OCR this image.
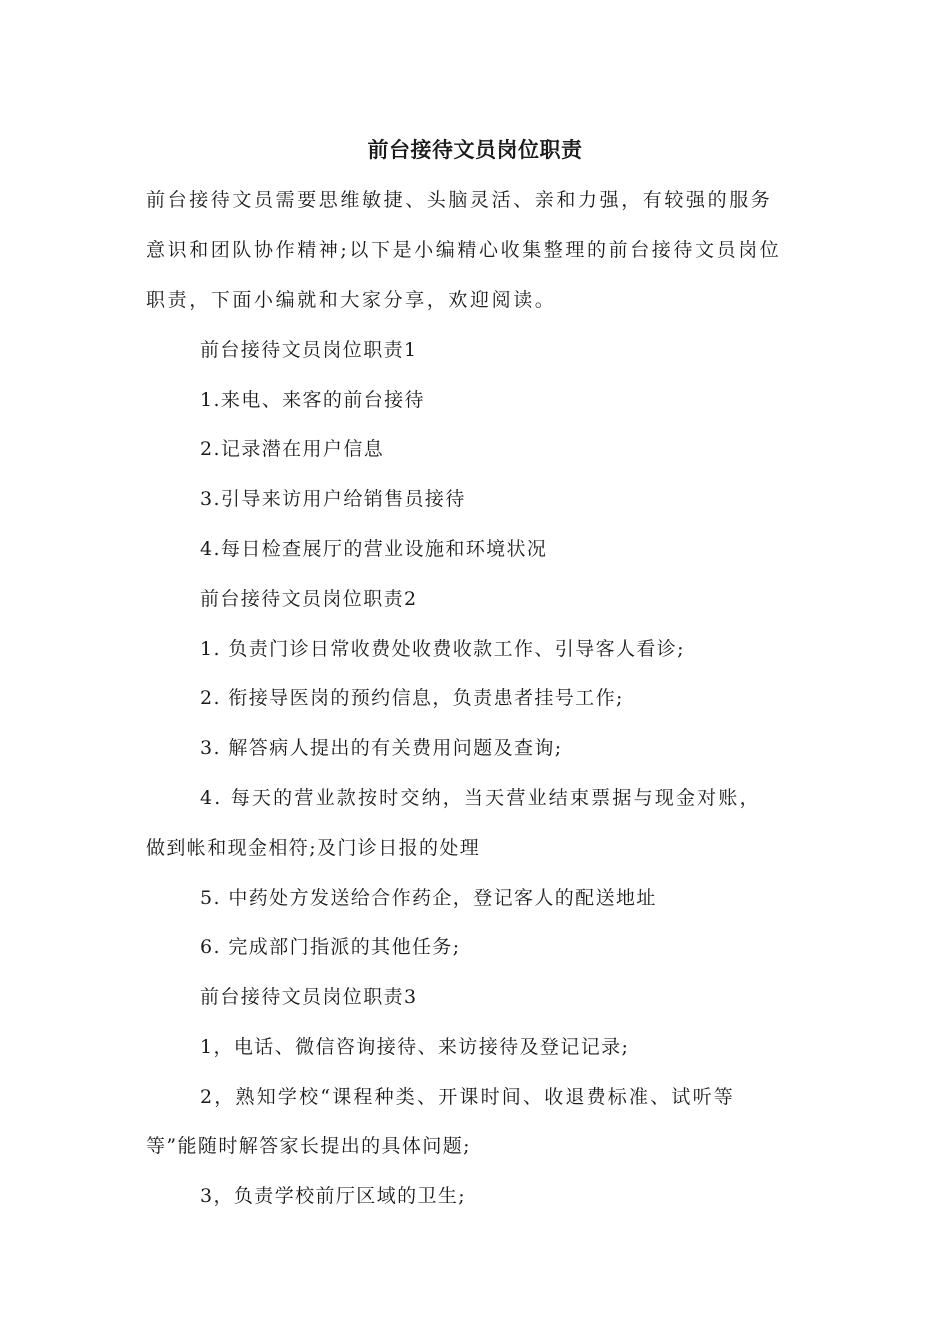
前台接待文员岗位职责
前台接待文员需要思维敏捷、头脑灵活、亲和力强，有较强的服务
意识和团队协作精神;以下是小编精心收集整理的前台接待文员岗位
职责，下面小编就和大家分享，欢迎阅读。
前台接待文员岗位职责1
1.来电、来客的前台接待
2.记录潜在用户信息
3.引导来访用户给销售员接待
4.每日检查展厅的营业设施和环境状况
前台接待文员岗位职责2
1. 负责门诊日常收费处收费收款工作、引导客人看诊;
2. 衔接导医岗的预约信息，负责患者挂号工作;
3. 解答病人提出的有关费用问题及查询;
4. 每天的营业款按时交纳，当天营业结束票据与现金对账，
做到帐和现金相符;及门诊日报的处理
5. 中药处方发送给合作药企，登记客人的配送地址
6. 完成部门指派的其他任务;
前台接待文员岗位职责3
1，电话、微信咨询接待、来访接待及登记记录;
2，熟知学校“课程种类、开课时间、收退费标准、试听等
等”能随时解答家长提出的具体问题;
3，负责学校前厅区域的卫生;
